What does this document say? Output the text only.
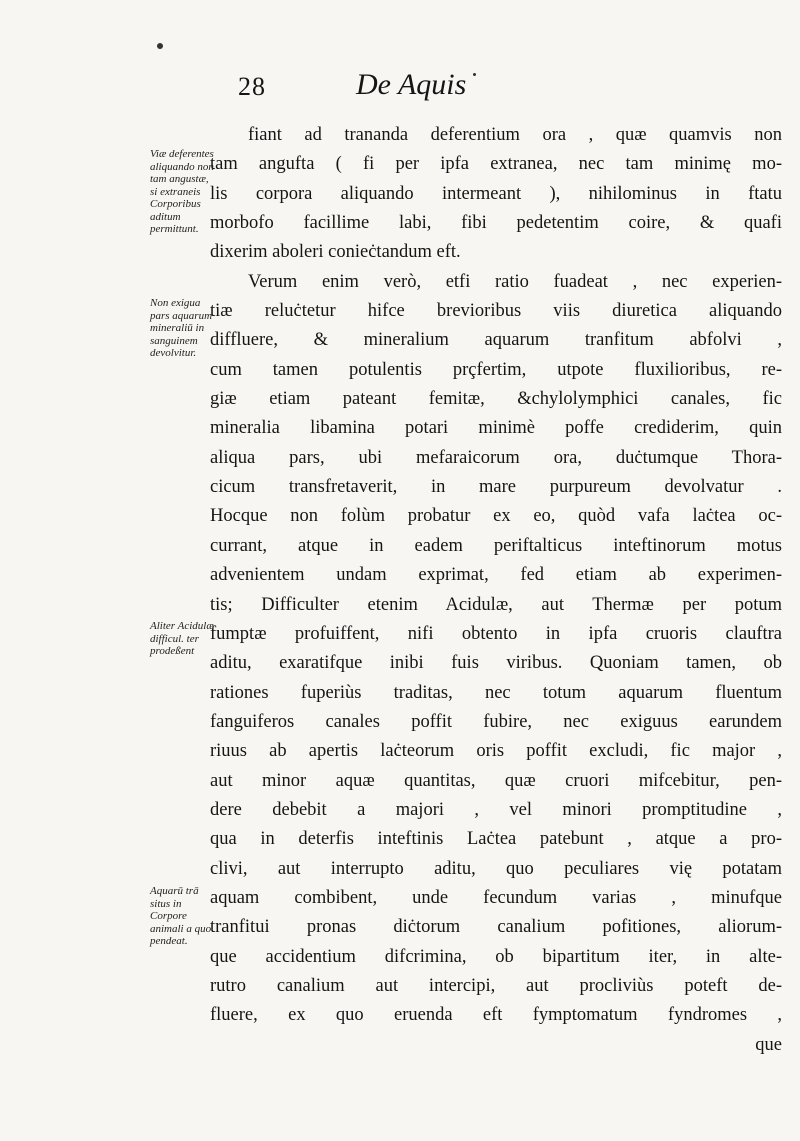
28	De Aquis
fiant ad trananda deferentium ora , quæ quamvis non
tam angufta ( fi per ipfa extranea, nec tam minimę mo-
lis corpora aliquando intermeant ), nihilominus in ftatu
morbofo facillime labi, fibi pedetentim coire, & quafi
dixerim aboleri conieċtandum eft.
Verum enim verò, etfi ratio fuadeat , nec experien-
tiæ reluċtetur hifce brevioribus viis diuretica aliquando
diffluere, & mineralium aquarum tranfitum abfolvi ,
cum tamen potulentis prçfertim, utpote fluxilioribus, re-
giæ etiam pateant femitæ, &chylolymphici canales, fic
mineralia libamina potari minimè poffe crediderim, quin
aliqua pars, ubi mefaraicorum ora, duċtumque Thora-
cicum transfretaverit, in mare purpureum devolvatur .
Hocque non folùm probatur ex eo, quòd vafa laċtea oc-
currant, atque in eadem periftalticus inteftinorum motus
advenientem undam exprimat, fed etiam ab experimen-
tis; Difficulter etenim Acidulæ, aut Thermæ per potum
fumptæ profuiffent, nifi obtento in ipfa cruoris clauftra
aditu, exaratifque inibi fuis viribus. Quoniam tamen, ob
rationes fuperiùs traditas, nec totum aquarum fluentum
fanguiferos canales poffit fubire, nec exiguus earundem
riuus ab apertis laċteorum oris poffit excludi, fic major ,
aut minor aquæ quantitas, quæ cruori mifcebitur, pen-
dere debebit a majori , vel minori promptitudine ,
qua in deterfis inteftinis Laċtea patebunt , atque a pro-
clivi, aut interrupto aditu, quo peculiares vię potatam
aquam combibent, unde fecundum varias , minufque
tranfitui pronas diċtorum canalium pofitiones, aliorum-
que accidentium difcrimina, ob bipartitum iter, in alte-
rutro canalium aut intercipi, aut procliviùs poteft de-
fluere, ex quo eruenda eft fymptomatum fyndromes ,
que
Viæ deferentes aliquando non tam angustæ, si extraneis Corporibus aditum permittunt.
Non exigua pars aquarum mineraliū in sanguinem devolvitur.
Aliter Acidulæ difficul. ter prodeßent
Aquarū trā situs in Corpore animali a quo pendeat.
